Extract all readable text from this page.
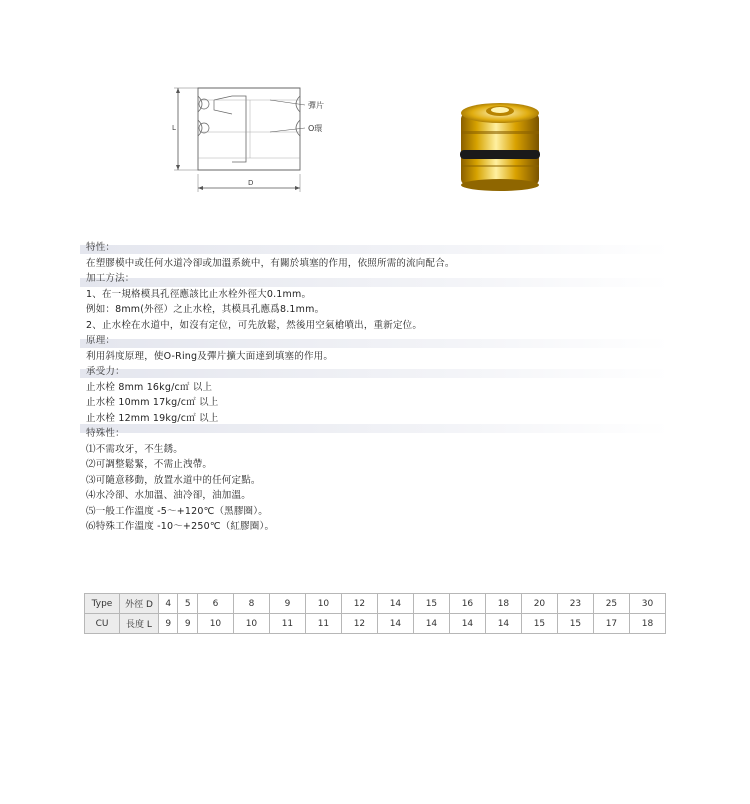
L
彈片
O環
D
特性：
在塑膠模中或任何水道冷卻或加溫系統中，有關於填塞的作用，依照所需的流向配合。
加工方法：
1、在一規格模具孔徑應該比止水栓外徑大0.1mm。
例如：8mm(外徑）之止水栓，其模具孔應爲8.1mm。
2、止水栓在水道中，如沒有定位，可先放鬆，然後用空氣槍噴出，重新定位。
原理：
利用斜度原理，使O-Ring及彈片擴大面達到填塞的作用。
承受力：
止水栓 8mm 16kg/c㎡ 以上
止水栓 10mm 17kg/c㎡ 以上
止水栓 12mm 19kg/c㎡ 以上
特殊性：
⑴不需攻牙，不生銹。
⑵可調整鬆緊，不需止洩帶。
⑶可隨意移動，放置水道中的任何定點。
⑷水冷卻、水加溫、油冷卻，油加溫。
⑸一般工作溫度 -5～+120℃（黑膠圈）。
⑹特殊工作溫度 -10～+250℃（紅膠圈）。
Type	外徑 D	4	5	6	8	9	10	12	14	15	16	18	20	23	25	30
CU	長度 L	9	9	10	10	11	11	12	14	14	14	14	15	15	17	18
